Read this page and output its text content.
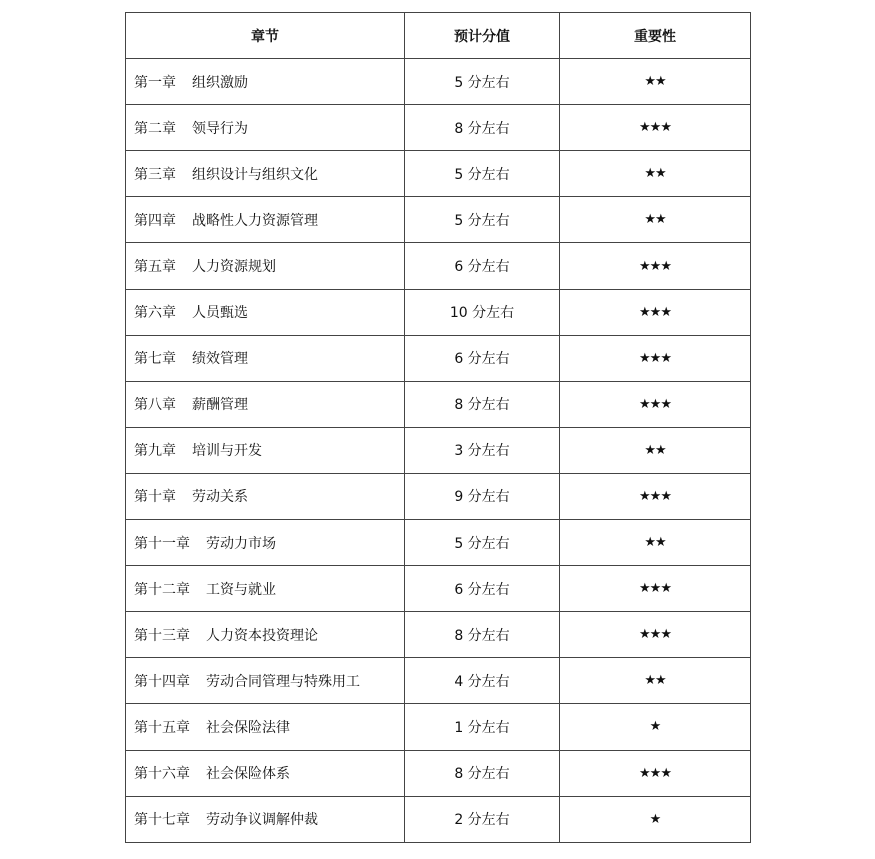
章节	预计分值	重要性
第一章 组织激励	5 分左右	★★
第二章 领导行为	8 分左右	★★★
第三章 组织设计与组织文化	5 分左右	★★
第四章 战略性人力资源管理	5 分左右	★★
第五章 人力资源规划	6 分左右	★★★
第六章 人员甄选	10 分左右	★★★
第七章 绩效管理	6 分左右	★★★
第八章 薪酬管理	8 分左右	★★★
第九章 培训与开发	3 分左右	★★
第十章 劳动关系	9 分左右	★★★
第十一章 劳动力市场	5 分左右	★★
第十二章 工资与就业	6 分左右	★★★
第十三章 人力资本投资理论	8 分左右	★★★
第十四章 劳动合同管理与特殊用工	4 分左右	★★
第十五章 社会保险法律	1 分左右	★
第十六章 社会保险体系	8 分左右	★★★
第十七章 劳动争议调解仲裁	2 分左右	★
